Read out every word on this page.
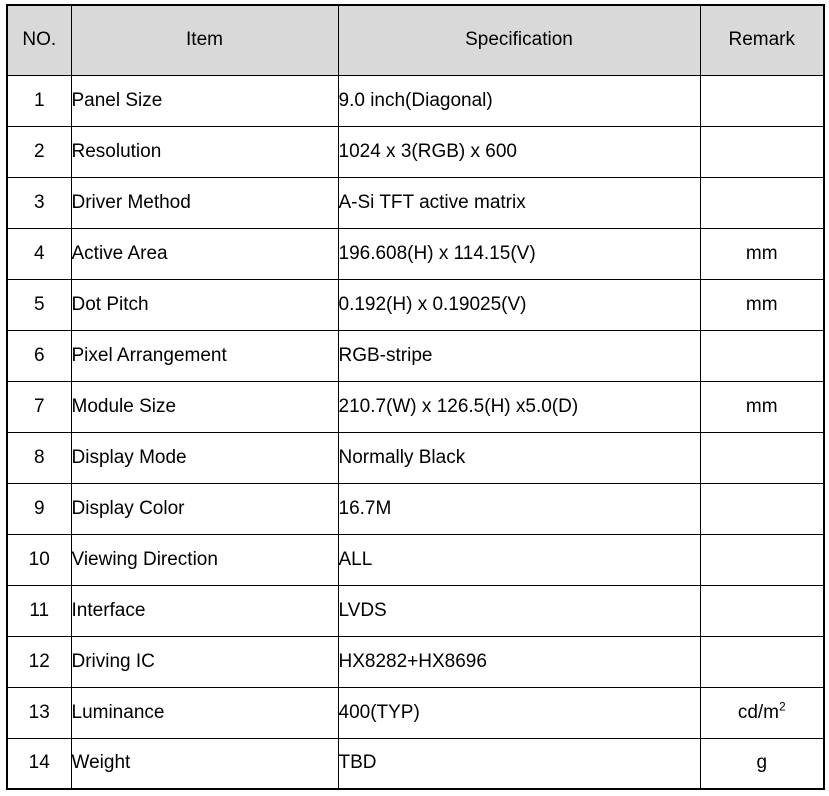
NO.	Item	Specification	Remark
1	Panel Size	9.0 inch(Diagonal)	
2	Resolution	1024 x 3(RGB) x 600	
3	Driver Method	A-Si TFT active matrix	
4	Active Area	196.608(H) x 114.15(V)	mm
5	Dot Pitch	0.192(H) x 0.19025(V)	mm
6	Pixel Arrangement	RGB-stripe	
7	Module Size	210.7(W) x 126.5(H) x5.0(D)	mm
8	Display Mode	Normally Black	
9	Display Color	16.7M	
10	Viewing Direction	ALL	
11	Interface	LVDS	
12	Driving IC	HX8282+HX8696	
13	Luminance	400(TYP)	$cd/m^2$
14	Weight	TBD	g
